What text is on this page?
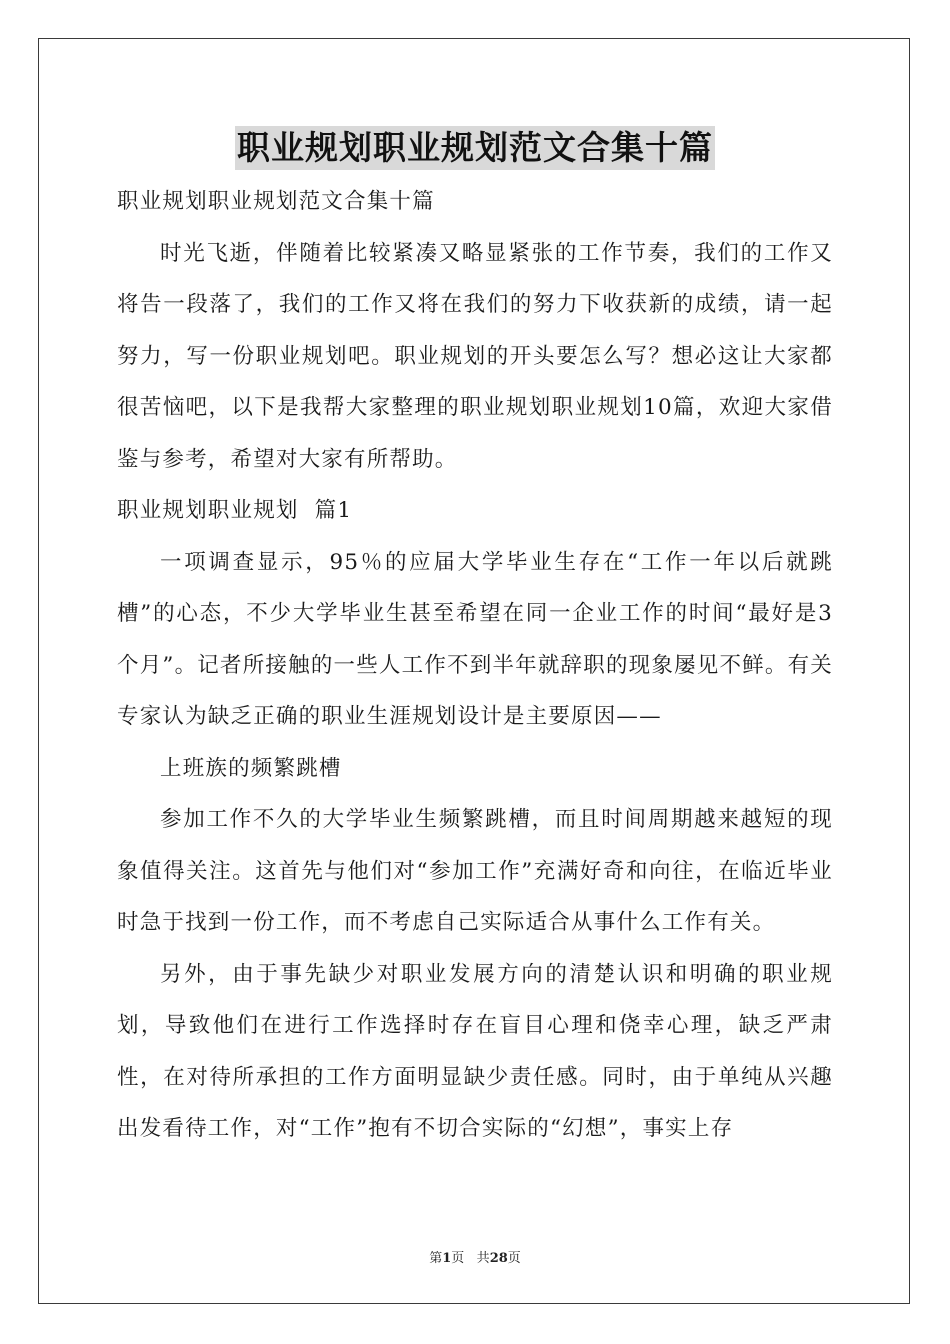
职业规划职业规划范文合集十篇

职业规划职业规划范文合集十篇

时光飞逝，伴随着比较紧凑又略显紧张的工作节奏，我们的工作又将告一段落了，我们的工作又将在我们的努力下收获新的成绩，请一起努力，写一份职业规划吧。职业规划的开头要怎么写？想必这让大家都很苦恼吧，以下是我帮大家整理的职业规划职业规划10篇，欢迎大家借鉴与参考，希望对大家有所帮助。

职业规划职业规划  篇1

一项调查显示，95％的应届大学毕业生存在“工作一年以后就跳槽”的心态，不少大学毕业生甚至希望在同一企业工作的时间“最好是3个月”。记者所接触的一些人工作不到半年就辞职的现象屡见不鲜。有关专家认为缺乏正确的职业生涯规划设计是主要原因——

上班族的频繁跳槽

参加工作不久的大学毕业生频繁跳槽，而且时间周期越来越短的现象值得关注。这首先与他们对“参加工作”充满好奇和向往，在临近毕业时急于找到一份工作，而不考虑自己实际适合从事什么工作有关。

另外，由于事先缺少对职业发展方向的清楚认识和明确的职业规划，导致他们在进行工作选择时存在盲目心理和侥幸心理，缺乏严肃性，在对待所承担的工作方面明显缺少责任感。同时，由于单纯从兴趣出发看待工作，对“工作”抱有不切合实际的“幻想”，事实上存

第1页 共28页
